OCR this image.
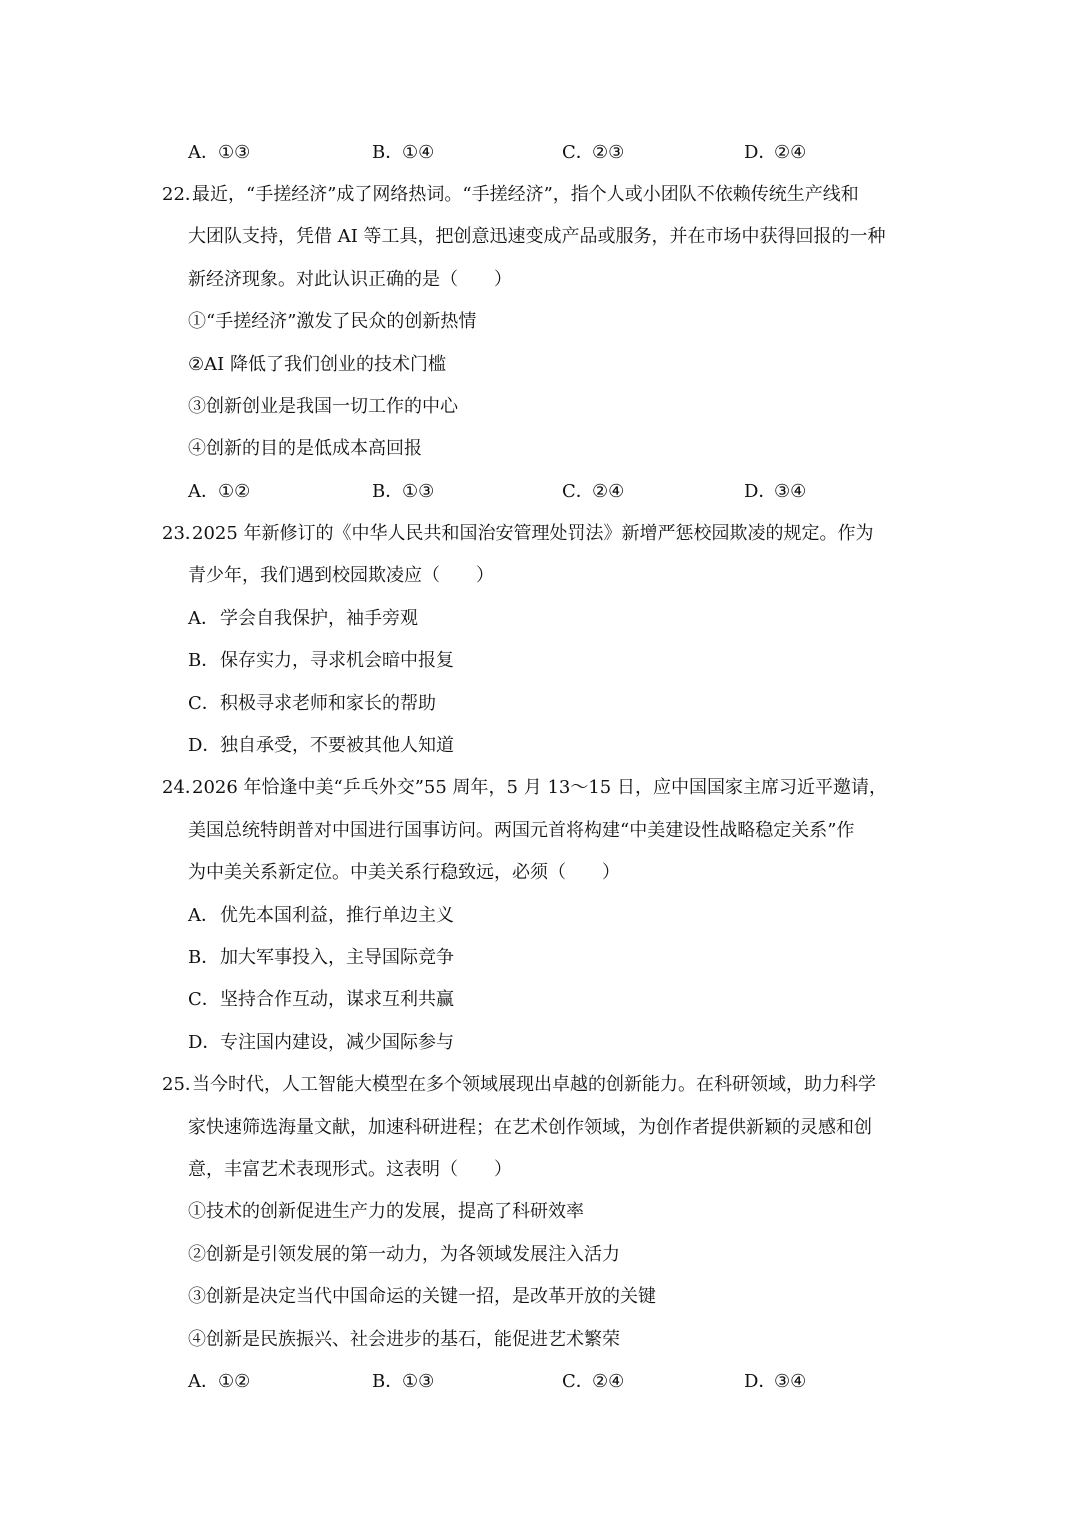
A．①③	B．①④	C．②③	D．②④
22．最近，“手搓经济”成了网络热词。“手搓经济”，指个人或小团队不依赖传统生产线和
大团队支持，凭借 AI 等工具，把创意迅速变成产品或服务，并在市场中获得回报的一种
新经济现象。对此认识正确的是（　　）
①“手搓经济”激发了民众的创新热情
②AI 降低了我们创业的技术门槛
③创新创业是我国一切工作的中心
④创新的目的是低成本高回报
A．①②	B．①③	C．②④	D．③④
23．2025 年新修订的《中华人民共和国治安管理处罚法》新增严惩校园欺凌的规定。作为
青少年，我们遇到校园欺凌应（　　）
A．学会自我保护，袖手旁观
B．保存实力，寻求机会暗中报复
C．积极寻求老师和家长的帮助
D．独自承受，不要被其他人知道
24．2026 年恰逢中美“乒乓外交”55 周年，5 月 13～15 日，应中国国家主席习近平邀请，
美国总统特朗普对中国进行国事访问。两国元首将构建“中美建设性战略稳定关系”作
为中美关系新定位。中美关系行稳致远，必须（　　）
A．优先本国利益，推行单边主义
B．加大军事投入，主导国际竞争
C．坚持合作互动，谋求互利共赢
D．专注国内建设，减少国际参与
25．当今时代，人工智能大模型在多个领域展现出卓越的创新能力。在科研领域，助力科学
家快速筛选海量文献，加速科研进程；在艺术创作领域，为创作者提供新颖的灵感和创
意，丰富艺术表现形式。这表明（　　）
①技术的创新促进生产力的发展，提高了科研效率
②创新是引领发展的第一动力，为各领域发展注入活力
③创新是决定当代中国命运的关键一招，是改革开放的关键
④创新是民族振兴、社会进步的基石，能促进艺术繁荣
A．①②	B．①③	C．②④	D．③④
